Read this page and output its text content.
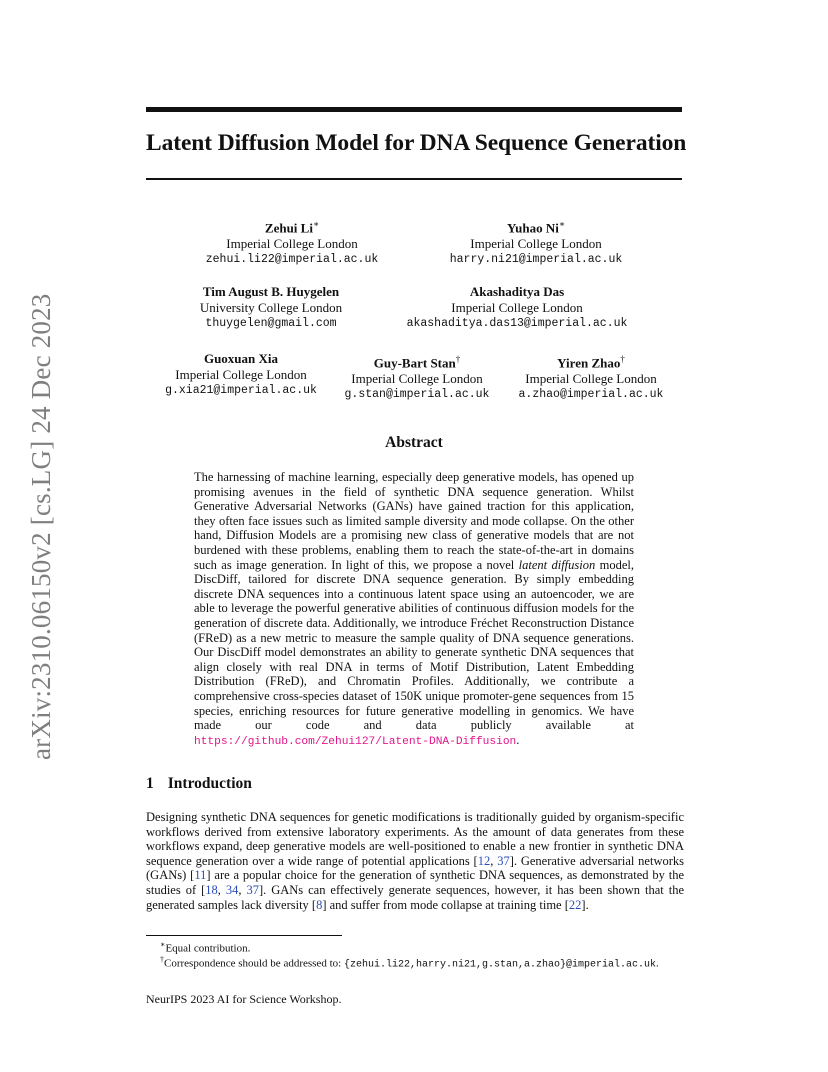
arXiv:2310.06150v2 [cs.LG] 24 Dec 2023
Latent Diffusion Model for DNA Sequence Generation
Zehui Li∗
Imperial College London
zehui.li22@imperial.ac.uk
Yuhao Ni∗
Imperial College London
harry.ni21@imperial.ac.uk
Tim August B. Huygelen
University College London
thuygelen@gmail.com
Akashaditya Das
Imperial College London
akashaditya.das13@imperial.ac.uk
Guoxuan Xia
Imperial College London
g.xia21@imperial.ac.uk
Guy-Bart Stan†
Imperial College London
g.stan@imperial.ac.uk
Yiren Zhao†
Imperial College London
a.zhao@imperial.ac.uk
Abstract
The harnessing of machine learning, especially deep generative models, has opened up promising avenues in the field of synthetic DNA sequence generation. Whilst Generative Adversarial Networks (GANs) have gained traction for this application, they often face issues such as limited sample diversity and mode collapse. On the other hand, Diffusion Models are a promising new class of generative models that are not burdened with these problems, enabling them to reach the state-of-the-art in domains such as image generation. In light of this, we propose a novel latent diffusion model, DiscDiff, tailored for discrete DNA sequence generation. By simply embedding discrete DNA sequences into a continuous latent space using an autoencoder, we are able to leverage the powerful generative abilities of continuous diffusion models for the generation of discrete data. Additionally, we introduce Fréchet Reconstruction Distance (FReD) as a new metric to measure the sample quality of DNA sequence generations. Our DiscDiff model demonstrates an ability to generate synthetic DNA sequences that align closely with real DNA in terms of Motif Distribution, Latent Embedding Distribution (FReD), and Chromatin Profiles. Additionally, we contribute a comprehensive cross-species dataset of 150K unique promoter-gene sequences from 15 species, enriching resources for future generative modelling in genomics. We have made our code and data publicly available at https://github.com/Zehui127/Latent-DNA-Diffusion.
1 Introduction
Designing synthetic DNA sequences for genetic modifications is traditionally guided by organism-specific workflows derived from extensive laboratory experiments. As the amount of data generates from these workflows expand, deep generative models are well-positioned to enable a new frontier in synthetic DNA sequence generation over a wide range of potential applications [12, 37]. Generative adversarial networks (GANs) [11] are a popular choice for the generation of synthetic DNA sequences, as demonstrated by the studies of [18, 34, 37]. GANs can effectively generate sequences, however, it has been shown that the generated samples lack diversity [8] and suffer from mode collapse at training time [22].
∗Equal contribution.
†Correspondence should be addressed to: {zehui.li22,harry.ni21,g.stan,a.zhao}@imperial.ac.uk.
NeurIPS 2023 AI for Science Workshop.
